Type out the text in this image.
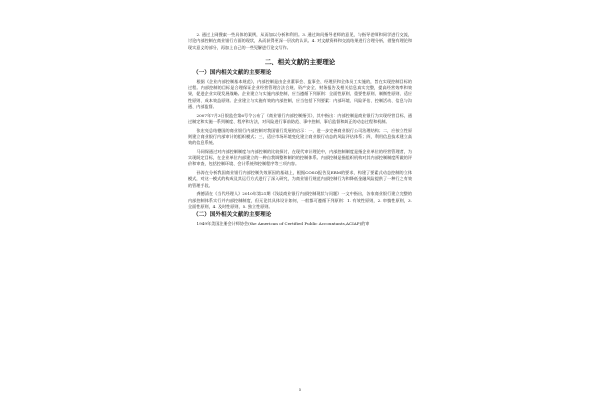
2. 通过上网搜索一些具体的案例，从而加以分析和利用。3. 通过询问指导老师的意见，与指导老师和同学进行交流，讨论内部控制在商业银行方面的现状，从而获得更深一层次的认识。4. 对文献资料和交流结果进行合理分析，借鉴有理论和现实意义的部分，再加上自己的一些见解进行论文写作。

二、相关文献的主要理论
（一）国内相关文献的主要理论

根据《企业内部控制基本规范》，内部控制是由企业董事会、监事会、经理层和全体员工实施的，旨在实现控制目标的过程。内部控制的目标是合理保证企业经营管理合法合规、资产安全、财务报告及相关信息真实完整，提高经营效率和效果，促进企业实现发展战略。企业建立与实施内部控制，应当遵循下列原则：全面性原则、重要性原则、制衡性原则、适应性原则、成本效益原则。企业建立与实施有效的内部控制，应当包括下列要素：内部环境、风险评估、控制活动、信息与沟通、内部监督。

2007年7月3日银监会第6号令公布了《商业银行内部控制指引》，其中指出：内部控制是商业银行为实现经营目标，通过制定和实施一系列制度、程序和方法，对风险进行事前防范、事中控制、事后监督和纠正的动态过程和机制。

张宏亮总结德国的商业银行内部控制对我国银行发展的启示：一，进一步完善商业银行公司治理结构；二，应按立性原则建立商业银行内部审计的组织模式；三，适应市场环境变化建立商业银行动态的风险评估体系；四，利用信息技术建立高效的信息系统。

马同保通过对内部控制制度与内部控制的比较探讨，在现代审计理论中，内部控制制度是指企业单位的经营管理者，为实现既定目标，在企业单位内部建立的一种自我调整和制约的控制体系。内部控制是指组织机构对其内部控制制度所做的评价和审查，包括控制环境、会计系统和控制程序等三项内容。

孙涛在分析我国商业银行内部控制失效原因的基础上，根据COSO报告及ERM的要求，构建了要素式动态控制的立体模式，对这一模式的构成及其运行方式进行了深入研究，为商业银行规范内部控制行为和降低金融风险提供了一种行之有效的管理手段。

龚德清在《当代经理人》2010年第21期《浅谈商业银行内部控制现状与问题》一文中指出，各家商业银行建立完整的内部控制体系实行并内部控制制度，但无论其具体设计如何，一般都可遵循下列原则：1. 有效性原则，2. 审慎性原则，3. 全面性原则，4. 及时性原则，5. 独立性原则。

（二）国外相关文献的主要理论

1949年美国注册会计师协会(the American of Certified Public Accountants,ACIAP)的审

5
